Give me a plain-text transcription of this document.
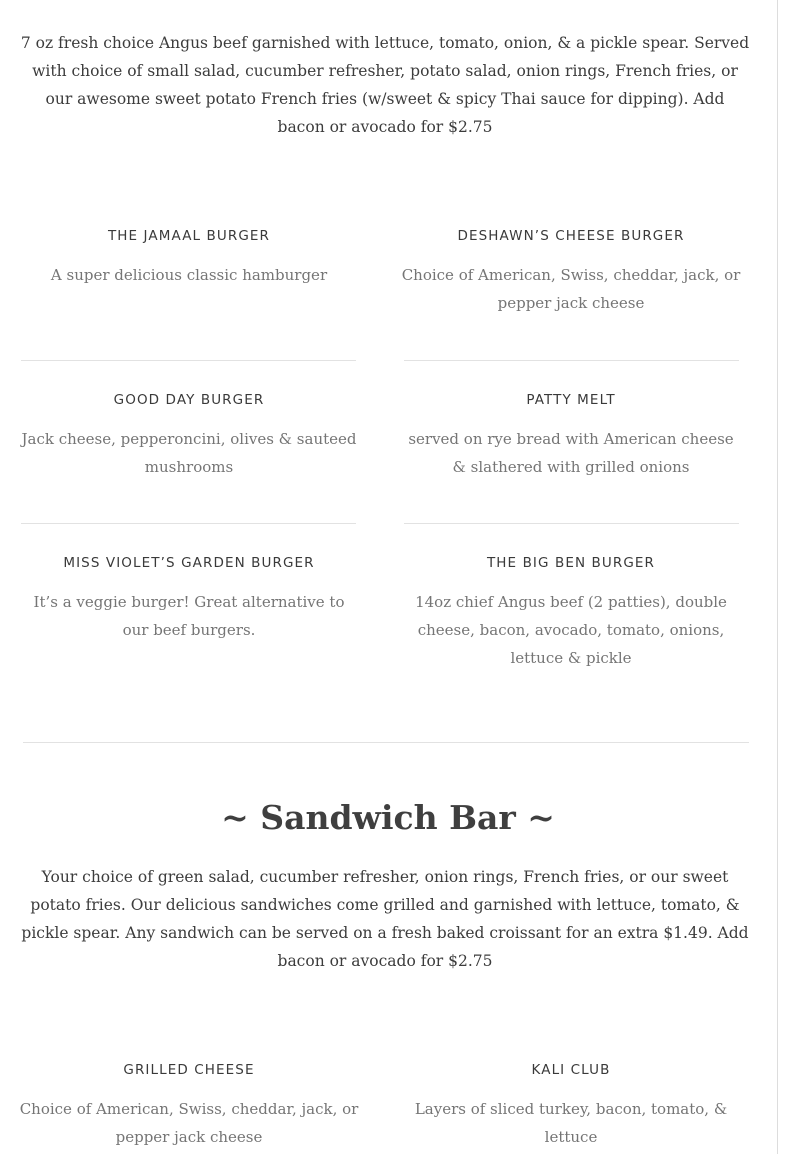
7 oz fresh choice Angus beef garnished with lettuce, tomato, onion, & a pickle spear. Served with choice of small salad, cucumber refresher, potato salad, onion rings, French fries, or our awesome sweet potato French fries (w/sweet & spicy Thai sauce for dipping). Add bacon or avocado for $2.75

THE JAMAAL BURGER

A super delicious classic hamburger

DESHAWN’S CHEESE BURGER

Choice of American, Swiss, cheddar, jack, or pepper jack cheese

GOOD DAY BURGER

Jack cheese, pepperoncini, olives & sauteed mushrooms

PATTY MELT

served on rye bread with American cheese & slathered with grilled onions

MISS VIOLET’S GARDEN BURGER

It’s a veggie burger! Great alternative to our beef burgers.

THE BIG BEN BURGER

14oz chief Angus beef (2 patties), double cheese, bacon, avocado, tomato, onions, lettuce & pickle

~ Sandwich Bar ~

Your choice of green salad, cucumber refresher, onion rings, French fries, or our sweet potato fries. Our delicious sandwiches come grilled and garnished with lettuce, tomato, & pickle spear. Any sandwich can be served on a fresh baked croissant for an extra $1.49. Add bacon or avocado for $2.75

GRILLED CHEESE

Choice of American, Swiss, cheddar, jack, or pepper jack cheese

KALI CLUB

Layers of sliced turkey, bacon, tomato, & lettuce
